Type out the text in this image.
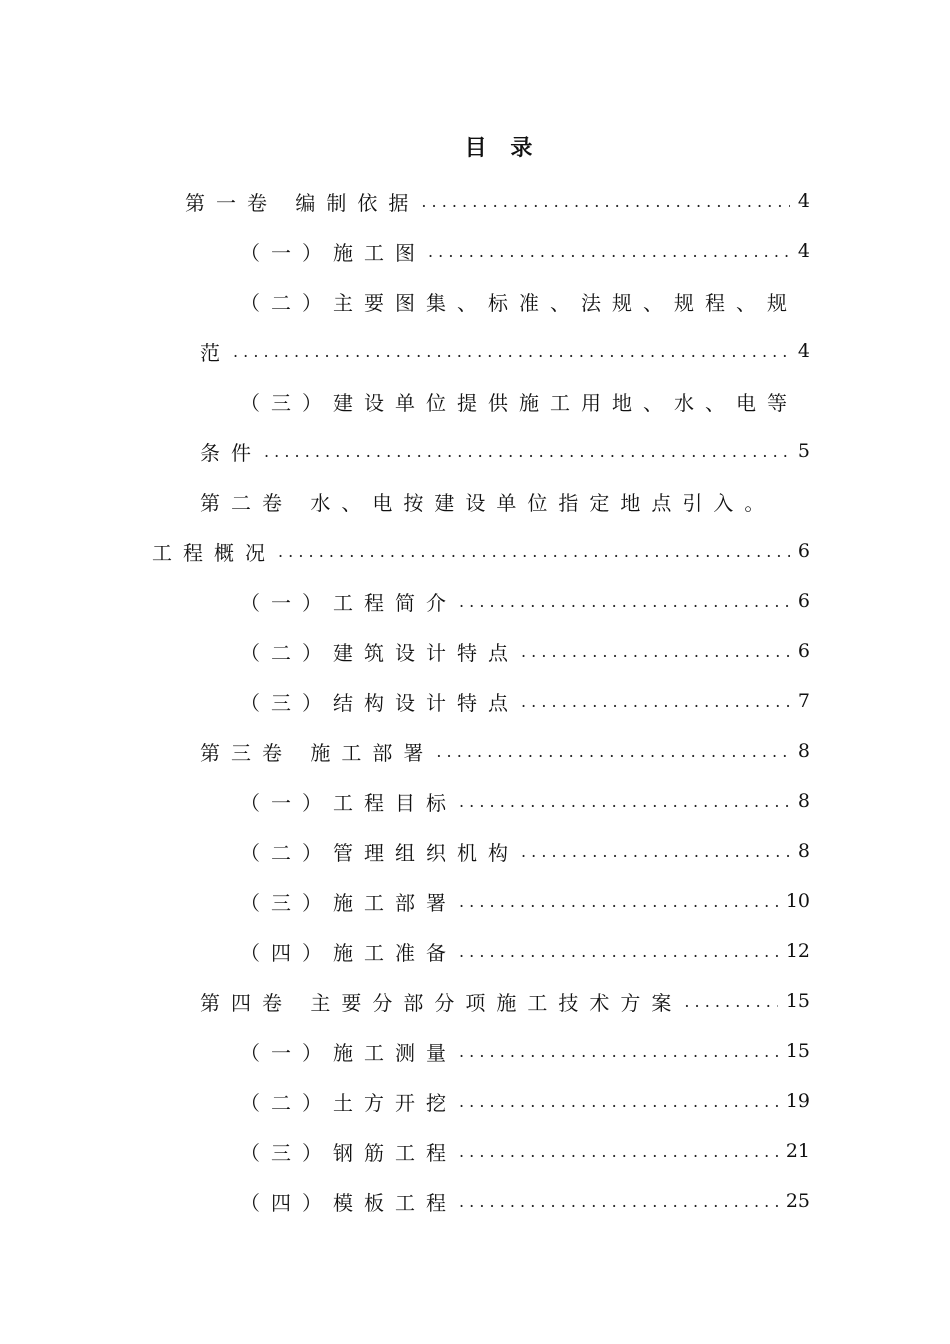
目 录
第一卷 编制依据 . . .	4
（一）施工图 . . .	4
（二）主要图集、标准、法规、规程、规
范 . . .	4
（三）建设单位提供施工用地、水、电等
条件 . . .	5
第二卷 水、电按建设单位指定地点引入。
工程概况 . . .	6
（一）工程简介 . . .	6
（二）建筑设计特点 . . .	6
（三）结构设计特点 . . .	7
第三卷 施工部署 . . .	8
（一）工程目标 . . .	8
（二）管理组织机构 . . .	8
（三）施工部署 . . .	10
（四）施工准备 . . .	12
第四卷 主要分部分项施工技术方案 . . .	15
（一）施工测量 . . .	15
（二）土方开挖 . . .	19
（三）钢筋工程 . . .	21
（四）模板工程 . . .	25
